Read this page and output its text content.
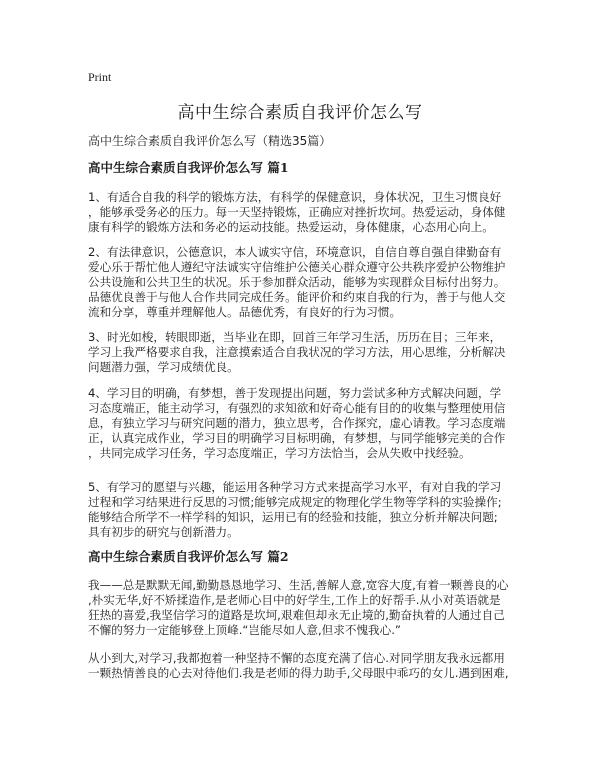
Print
高中生综合素质自我评价怎么写
高中生综合素质自我评价怎么写（精选35篇）
高中生综合素质自我评价怎么写 篇1
1、有适合自我的科学的锻炼方法，有科学的保健意识，身体状况，卫生习惯良好
，能够承受务必的压力。每一天坚持锻炼，正确应对挫折坎坷。热爱运动，身体健
康有科学的锻炼方法和务必的运动技能。热爱运动，身体健康，心态用心向上。
2、有法律意识，公德意识，本人诚实守信，环境意识，自信自尊自强自律勤奋有
爱心乐于帮忙他人遵纪守法诚实守信维护公德关心群众遵守公共秩序爱护公物维护
公共设施和公共卫生的状况。乐于参加群众活动，能够为实现群众目标付出努力。
品德优良善于与他人合作共同完成任务。能评价和约束自我的行为，善于与他人交
流和分享，尊重并理解他人。品德优秀，有良好的行为习惯。
3、时光如梭，转眼即逝，当毕业在即，回首三年学习生活，历历在目；三年来，
学习上我严格要求自我，注意摸索适合自我状况的学习方法，用心思维，分析解决
问题潜力强，学习成绩优良。
4、学习目的明确，有梦想，善于发现提出问题，努力尝试多种方式解决问题，学
习态度端正，能主动学习，有强烈的求知欲和好奇心能有目的的收集与整理使用信
息，有独立学习与研究问题的潜力，独立思考，合作探究，虚心请教。学习态度端
正，认真完成作业，学习目的明确学习目标明确，有梦想，与同学能够完美的合作
，共同完成学习任务，学习态度端正，学习方法恰当，会从失败中找经验。
5、有学习的愿望与兴趣，能运用各种学习方式来提高学习水平，有对自我的学习
过程和学习结果进行反思的习惯;能够完成规定的物理化学生物等学科的实验操作;
能够结合所学不一样学科的知识，运用已有的经验和技能，独立分析并解决问题;
具有初步的研究与创新潜力。
高中生综合素质自我评价怎么写 篇2
我——总是默默无闻,勤勤恳恳地学习、生活,善解人意,宽容大度,有着一颗善良的心
,朴实无华,好不矫揉造作,是老师心目中的好学生,工作上的好帮手.从小对英语就是
狂热的喜爱,我坚信学习的道路是坎坷,艰难但却永无止境的,勤奋执着的人通过自己
不懈的努力一定能够登上顶峰.“岂能尽如人意,但求不愧我心.”
从小到大,对学习,我都抱着一种坚持不懈的态度充满了信心.对同学朋友我永远都用
一颗热情善良的心去对待他们.我是老师的得力助手,父母眼中乖巧的女儿.遇到困难,
